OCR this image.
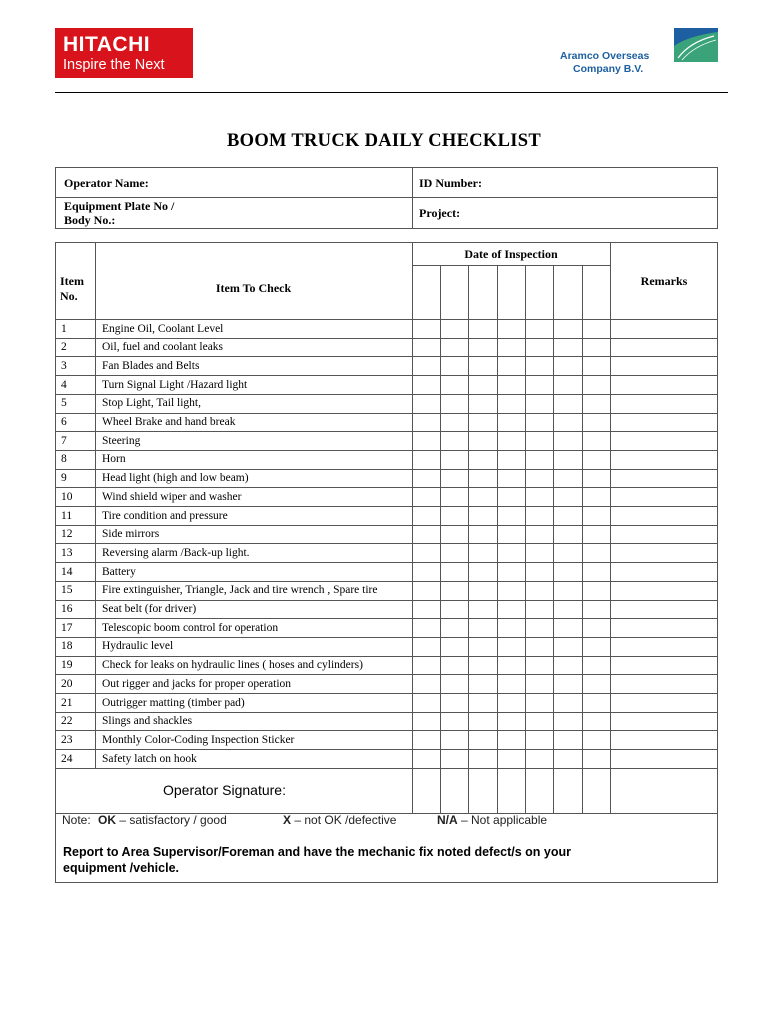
HITACHI
Inspire the Next
Aramco Overseas
Company B.V.
BOOM TRUCK DAILY CHECKLIST
Operator Name:	ID Number:
Equipment Plate No /
Body No.:	Project:
Item
No.
Item To Check
Date of Inspection
Remarks
1	Engine Oil, Coolant Level
2	Oil, fuel and coolant leaks
3	Fan Blades and Belts
4	Turn Signal Light /Hazard light
5	Stop Light, Tail light,
6	Wheel Brake and hand break
7	Steering
8	Horn
9	Head light (high and low beam)
10	Wind shield wiper and washer
11	Tire condition and pressure
12	Side mirrors
13	Reversing alarm /Back-up light.
14	Battery
15	Fire extinguisher, Triangle, Jack and tire wrench , Spare tire
16	Seat belt (for driver)
17	Telescopic boom control for operation
18	Hydraulic level
19	Check for leaks on hydraulic lines ( hoses and cylinders)
20	Out rigger and jacks for proper operation
21	Outrigger matting (timber pad)
22	Slings and shackles
23	Monthly Color-Coding Inspection Sticker
24	Safety latch on hook
Operator Signature:
Note: OK – satisfactory / good	X – not OK /defective	N/A – Not applicable
Report to Area Supervisor/Foreman and have the mechanic fix noted defect/s on your
equipment /vehicle.
